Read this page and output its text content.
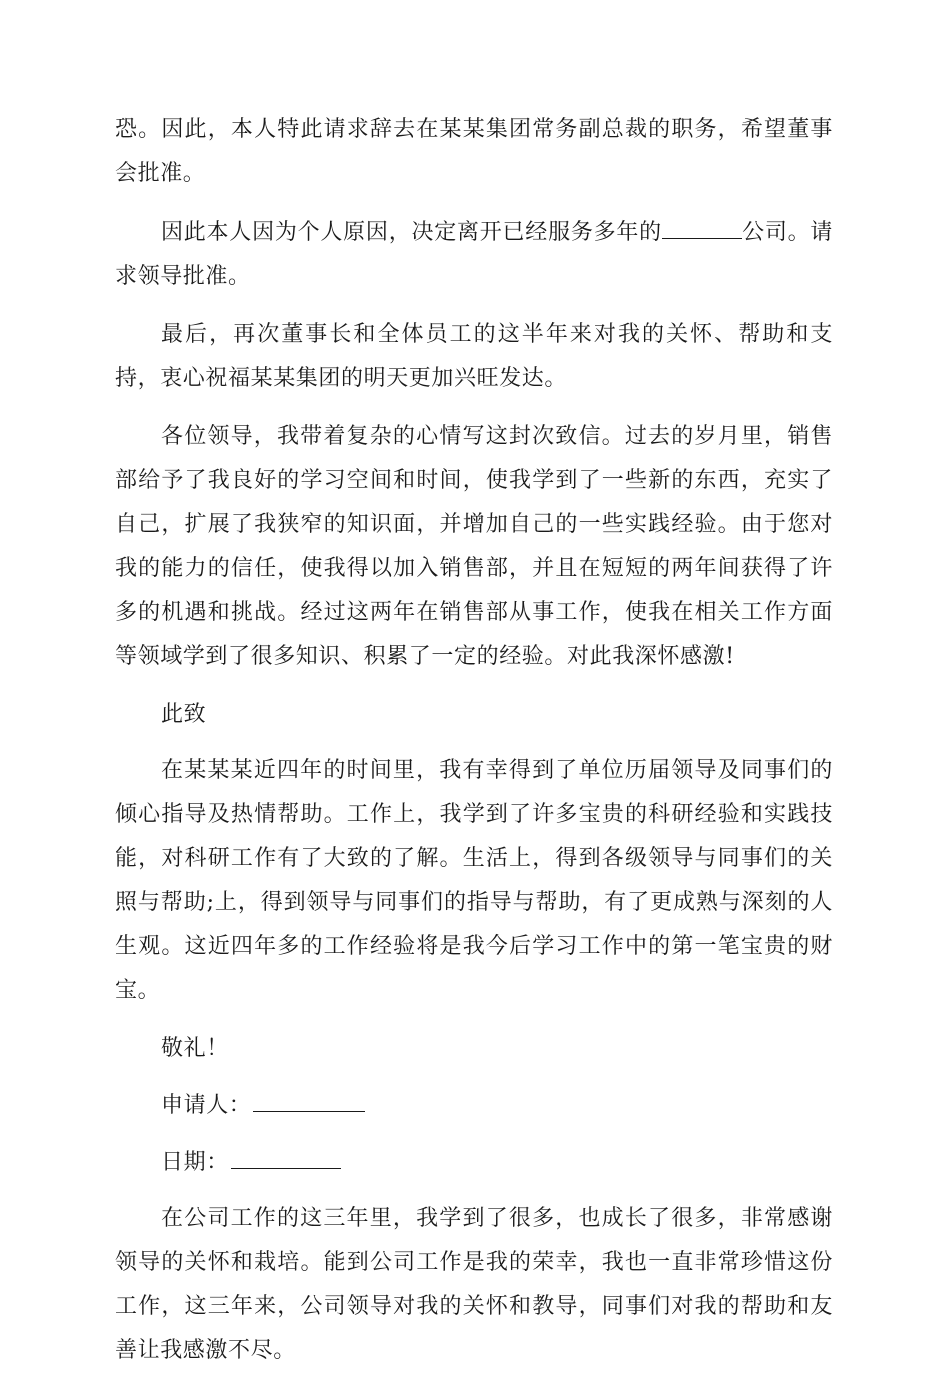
恐。因此，本人特此请求辞去在某某集团常务副总裁的职务，希望董事会批准。

因此本人因为个人原因，决定离开已经服务多年的	公司。请求领导批准。

最后，再次董事长和全体员工的这半年来对我的关怀、帮助和支持，衷心祝福某某集团的明天更加兴旺发达。

各位领导，我带着复杂的心情写这封次致信。过去的岁月里，销售部给予了我良好的学习空间和时间，使我学到了一些新的东西，充实了自己，扩展了我狭窄的知识面，并增加自己的一些实践经验。由于您对我的能力的信任，使我得以加入销售部，并且在短短的两年间获得了许多的机遇和挑战。经过这两年在销售部从事工作，使我在相关工作方面等领域学到了很多知识、积累了一定的经验。对此我深怀感激!

此致

在某某某近四年的时间里，我有幸得到了单位历届领导及同事们的倾心指导及热情帮助。工作上，我学到了许多宝贵的科研经验和实践技能，对科研工作有了大致的了解。生活上，得到各级领导与同事们的关照与帮助;上，得到领导与同事们的指导与帮助，有了更成熟与深刻的人生观。这近四年多的工作经验将是我今后学习工作中的第一笔宝贵的财宝。

敬礼！

申请人：

日期：

在公司工作的这三年里，我学到了很多，也成长了很多，非常感谢领导的关怀和栽培。能到公司工作是我的荣幸，我也一直非常珍惜这份工作，这三年来，公司领导对我的关怀和教导，同事们对我的帮助和友善让我感激不尽。
